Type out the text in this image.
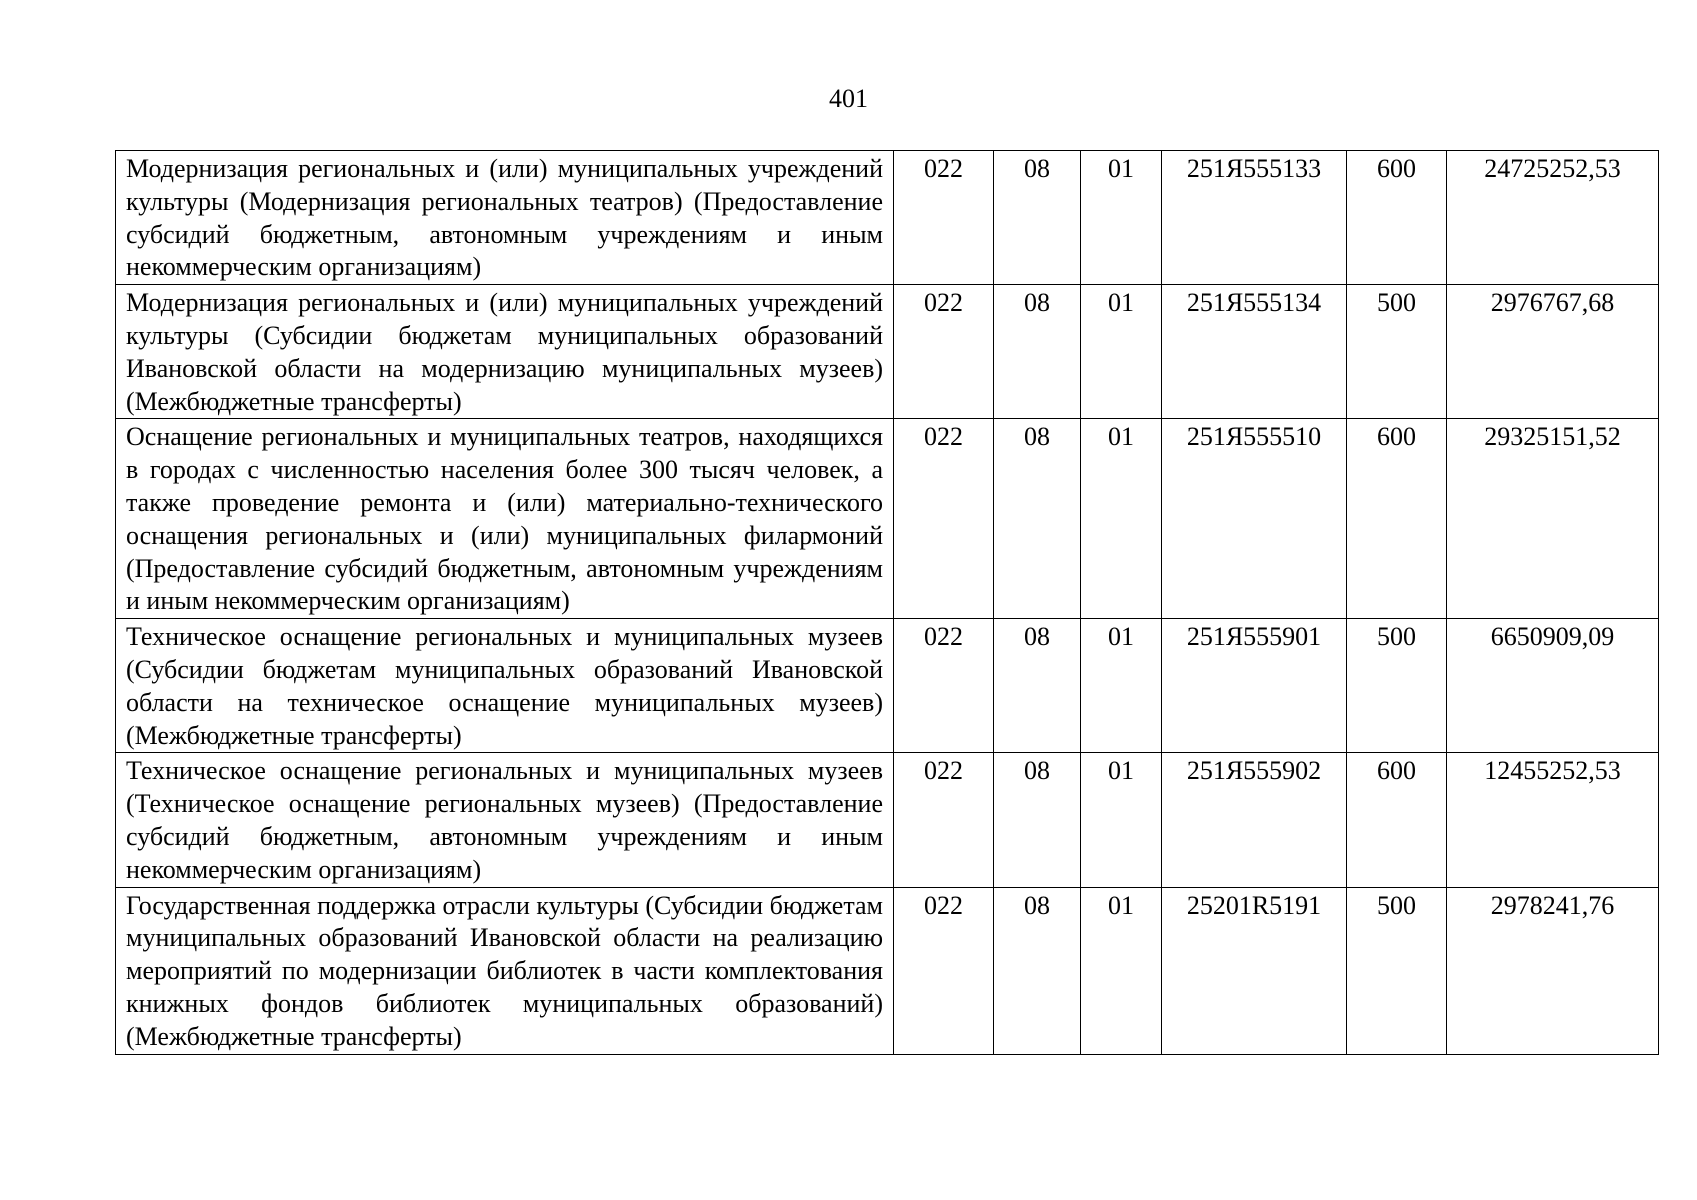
401
Модернизация региональных и (или) муниципальных учреждений культуры (Модернизация региональных театров) (Предоставление субсидий бюджетным, автономным учреждениям и иным некоммерческим организациям)	022	08	01	251Я555133	600	24725252,53
Модернизация региональных и (или) муниципальных учреждений культуры (Субсидии бюджетам муниципальных образований Ивановской области на модернизацию муниципальных музеев) (Межбюджетные трансферты)	022	08	01	251Я555134	500	2976767,68
Оснащение региональных и муниципальных театров, находящихся в городах с численностью населения более 300 тысяч человек, а также проведение ремонта и (или) материально-технического оснащения региональных и (или) муниципальных филармоний (Предоставление субсидий бюджетным, автономным учреждениям и иным некоммерческим организациям)	022	08	01	251Я555510	600	29325151,52
Техническое оснащение региональных и муниципальных музеев (Субсидии бюджетам муниципальных образований Ивановской области на техническое оснащение муниципальных музеев) (Межбюджетные трансферты)	022	08	01	251Я555901	500	6650909,09
Техническое оснащение региональных и муниципальных музеев (Техническое оснащение региональных музеев) (Предоставление субсидий бюджетным, автономным учреждениям и иным некоммерческим организациям)	022	08	01	251Я555902	600	12455252,53
Государственная поддержка отрасли культуры (Субсидии бюджетам муниципальных образований Ивановской области на реализацию мероприятий по модернизации библиотек в части комплектования книжных фондов библиотек муниципальных образований) (Межбюджетные трансферты)	022	08	01	25201R5191	500	2978241,76
